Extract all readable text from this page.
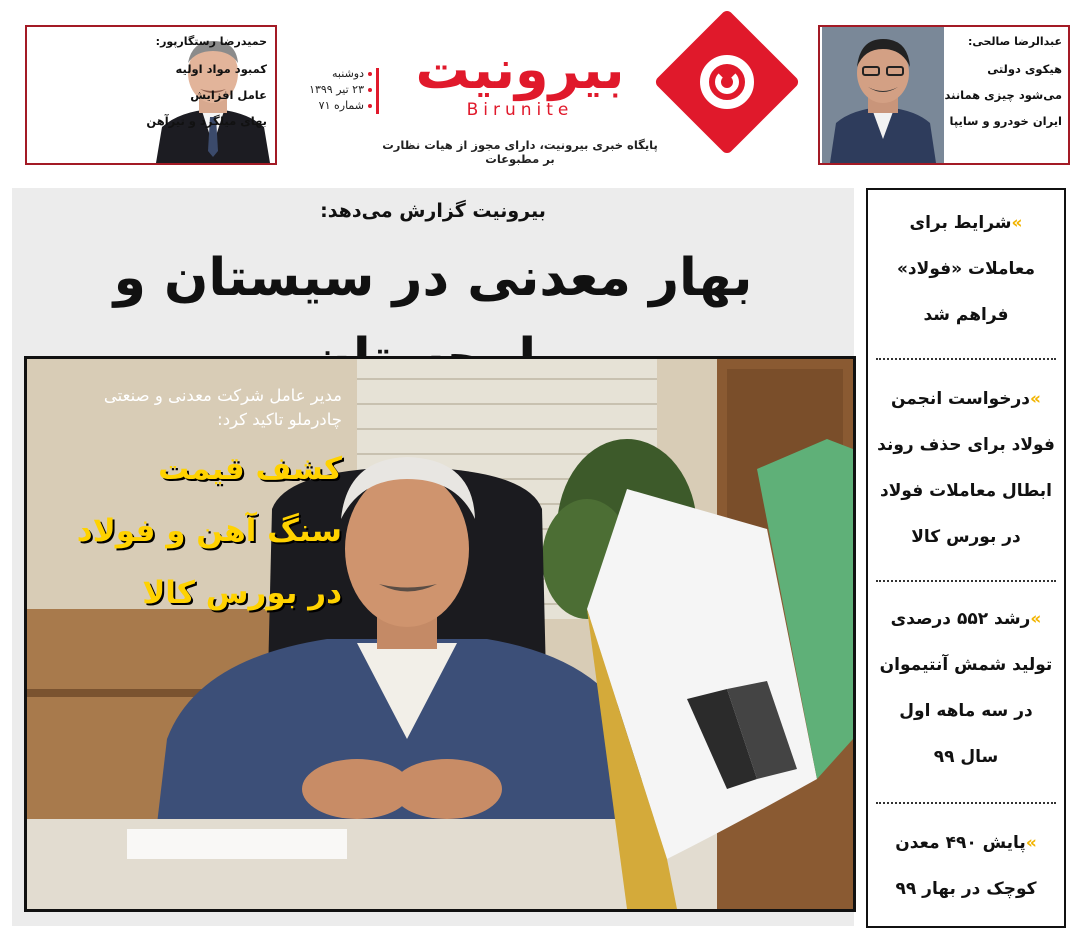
عبدالرضا صالحی:
هیکوی دولتی
می‌شود چیزی همانند
ایران خودرو و سایپا
بیرونیت
Birunite
پایگاه خبری بیرونیت، دارای مجوز از هیات نظارت بر مطبوعات
دوشنبه
۲۳ تیر ۱۳۹۹
شماره ۷۱
حمیدرضا رستگارپور:
کمبود مواد اولیه
عامل افزایش
بهای میلگرد و تیرآهن
بیرونیت گزارش می‌دهد:
بهار معدنی در سیستان و
مدیر عامل شرکت معدنی و صنعتی
چادرملو تاکید کرد:
کشف قیمت
سنگ آهن و فولاد
در بورس کالا
»شرایط برای
معاملات «فولاد»
فراهم شد
»درخواست انجمن
فولاد برای حذف روند
ابطال معاملات فولاد
در بورس کالا
»رشد ۵۵۲ درصدی
تولید شمش آنتیموان
در سه ماهه اول
سال ۹۹
»پایش ۴۹۰ معدن
کوچک در بهار ۹۹
